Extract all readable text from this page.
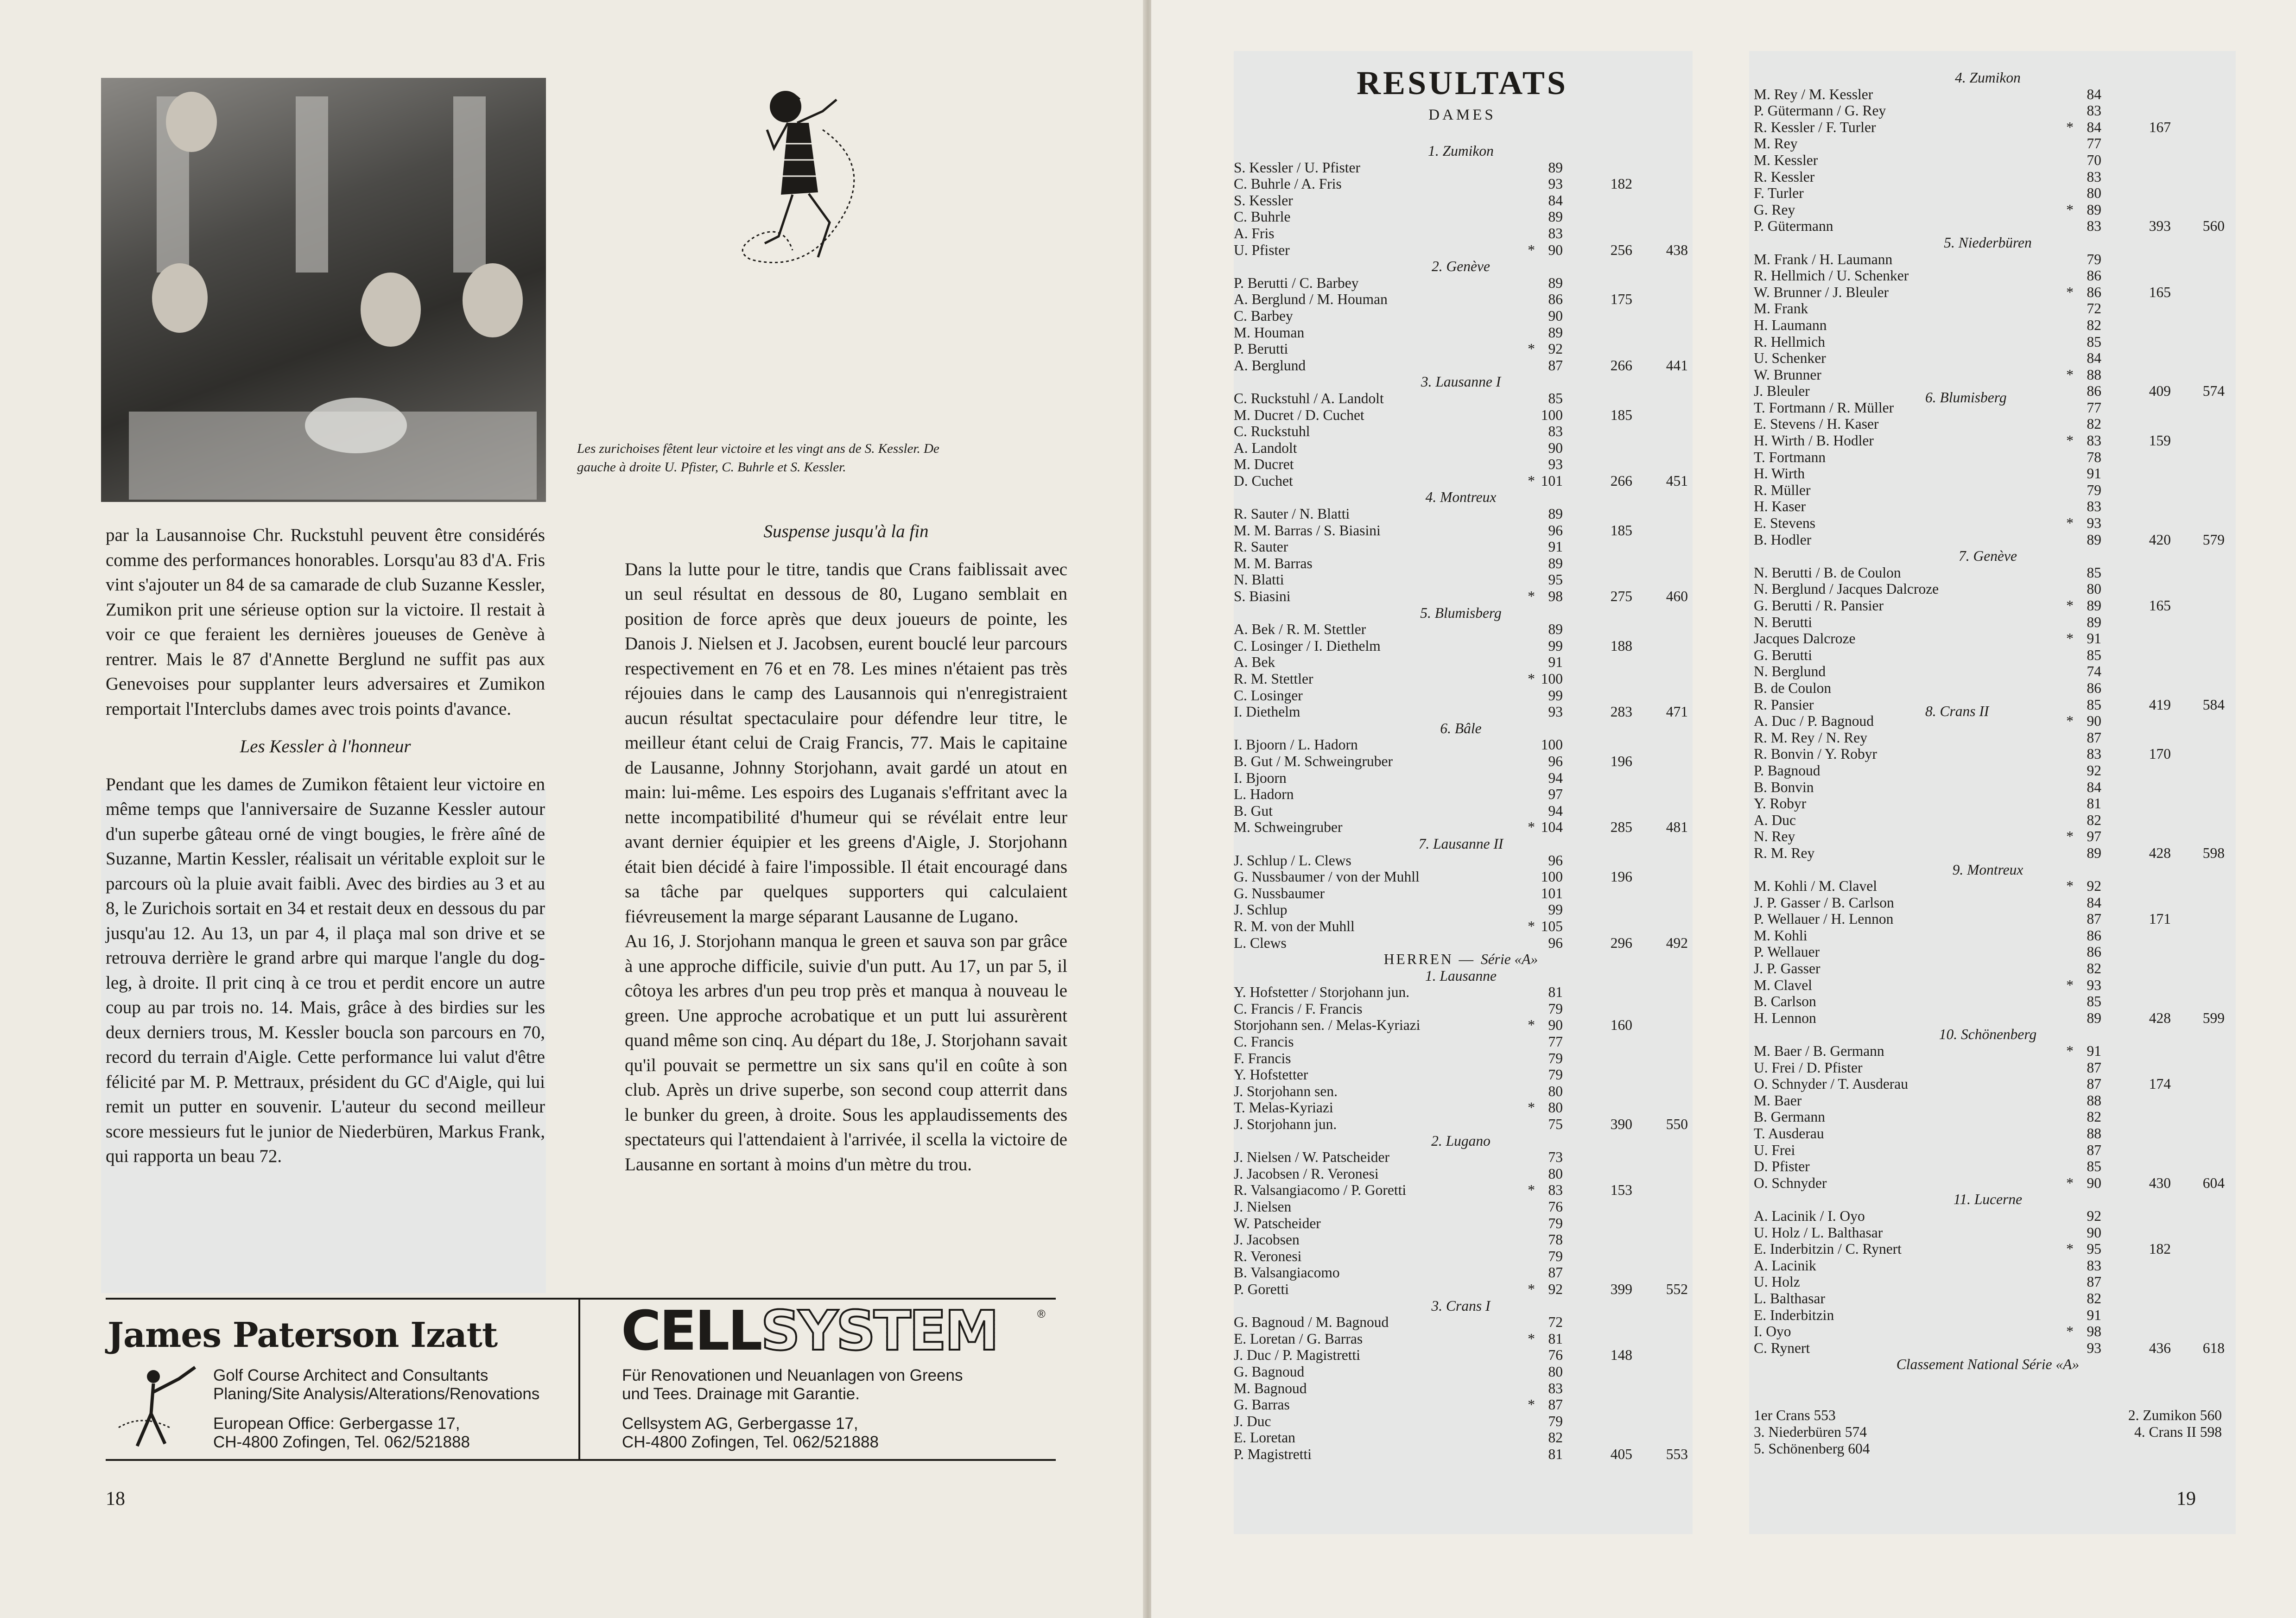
Les zurichoises fêtent leur victoire et les vingt ans de S. Kessler. De gauche à droite U. Pfister, C. Buhrle et S. Kessler.

par la Lausannoise Chr. Ruckstuhl peuvent être considérés comme des performances honorables. Lorsqu'au 83 d'A. Fris vint s'ajouter un 84 de sa camarade de club Suzanne Kessler, Zumikon prit une sérieuse option sur la victoire. Il restait à voir ce que feraient les dernières joueuses de Genève à rentrer. Mais le 87 d'Annette Berglund ne suffit pas aux Genevoises pour supplanter leurs adversaires et Zumikon remportait l'Interclubs dames avec trois points d'avance.

Les Kessler à l'honneur

Pendant que les dames de Zumikon fêtaient leur victoire en même temps que l'anniversaire de Suzanne Kessler autour d'un superbe gâteau orné de vingt bougies, le frère aîné de Suzanne, Martin Kessler, réalisait un véritable exploit sur le parcours où la pluie avait faibli. Avec des birdies au 3 et au 8, le Zurichois sortait en 34 et restait deux en dessous du par jusqu'au 12. Au 13, un par 4, il plaça mal son drive et se retrouva derrière le grand arbre qui marque l'angle du dog-leg, à droite. Il prit cinq à ce trou et perdit encore un autre coup au par trois no. 14. Mais, grâce à des birdies sur les deux derniers trous, M. Kessler boucla son parcours en 70, record du terrain d'Aigle. Cette performance lui valut d'être félicité par M. P. Mettraux, président du GC d'Aigle, qui lui remit un putter en souvenir. L'auteur du second meilleur score messieurs fut le junior de Niederbüren, Markus Frank, qui rapporta un beau 72.

Suspense jusqu'à la fin

Dans la lutte pour le titre, tandis que Crans faiblissait avec un seul résultat en dessous de 80, Lugano semblait en position de force après que deux joueurs de pointe, les Danois J. Nielsen et J. Jacobsen, eurent bouclé leur parcours respectivement en 76 et en 78. Les mines n'étaient pas très réjouies dans le camp des Lausannois qui n'enregistraient aucun résultat spectaculaire pour défendre leur titre, le meilleur étant celui de Craig Francis, 77. Mais le capitaine de Lausanne, Johnny Storjohann, avait gardé un atout en main: lui-même. Les espoirs des Luganais s'effritant avec la nette incompatibilité d'humeur qui se révélait entre leur avant dernier équipier et les greens d'Aigle, J. Storjohann était bien décidé à faire l'impossible. Il était encouragé dans sa tâche par quelques supporters qui calculaient fiévreusement la marge séparant Lausanne de Lugano.

Au 16, J. Storjohann manqua le green et sauva son par grâce à une approche difficile, suivie d'un putt. Au 17, un par 5, il côtoya les arbres d'un peu trop près et manqua à nouveau le green. Une approche acrobatique et un putt lui assurèrent quand même son cinq. Au départ du 18e, J. Storjohann savait qu'il pouvait se permettre un six sans qu'il en coûte à son club. Après un drive superbe, son second coup atterrit dans le bunker du green, à droite. Sous les applaudissements des spectateurs qui l'attendaient à l'arrivée, il scella la victoire de Lausanne en sortant à moins d'un mètre du trou.

James Paterson Izatt
Golf Course Architect and Consultants
Planing/Site Analysis/Alterations/Renovations
European Office: Gerbergasse 17,
CH-4800 Zofingen, Tel. 062/521888
CELLSYSTEM	®
Für Renovationen und Neuanlagen von Greens
und Tees. Drainage mit Garantie.
Cellsystem AG, Gerbergasse 17,
CH-4800 Zofingen, Tel. 062/521888
18
RESULTATS
DAMES
1. Zumikon
S. Kessler / U. Pfister	89
C. Buhrle / A. Fris	93	182
S. Kessler	84
C. Buhrle	89
A. Fris	83
U. Pfister	* 90	256	438
2. Genève
P. Berutti / C. Barbey	89
A. Berglund / M. Houman	86	175
C. Barbey	90
M. Houman	89
P. Berutti	* 92
A. Berglund	87	266	441
3. Lausanne I
C. Ruckstuhl / A. Landolt	85
M. Ducret / D. Cuchet	100	185
C. Ruckstuhl	83
A. Landolt	90
M. Ducret	93
D. Cuchet	* 101	266	451
4. Montreux
R. Sauter / N. Blatti	89
M. M. Barras / S. Biasini	96	185
R. Sauter	91
M. M. Barras	89
N. Blatti	95
S. Biasini	* 98	275	460
5. Blumisberg
A. Bek / R. M. Stettler	89
C. Losinger / I. Diethelm	99	188
A. Bek	91
R. M. Stettler	* 100
C. Losinger	99
I. Diethelm	93	283	471
6. Bâle
I. Bjoorn / L. Hadorn	100
B. Gut / M. Schweingruber	96	196
I. Bjoorn	94
L. Hadorn	97
B. Gut	94
M. Schweingruber	* 104	285	481
7. Lausanne II
J. Schlup / L. Clews	96
G. Nussbaumer / von der Muhll	100	196
G. Nussbaumer	101
J. Schlup	99
R. M. von der Muhll	* 105
L. Clews	96	296	492
HERREN — Série «A»
1. Lausanne
Y. Hofstetter / Storjohann jun.	81
C. Francis / F. Francis	79
Storjohann sen. / Melas-Kyriazi	* 90	160
C. Francis	77
F. Francis	79
Y. Hofstetter	79
J. Storjohann sen.	80
T. Melas-Kyriazi	* 80
J. Storjohann jun.	75	390	550
2. Lugano
J. Nielsen / W. Patscheider	73
J. Jacobsen / R. Veronesi	80
R. Valsangiacomo / P. Goretti	* 83	153
J. Nielsen	76
W. Patscheider	79
J. Jacobsen	78
R. Veronesi	79
B. Valsangiacomo	87
P. Goretti	* 92	399	552
3. Crans I
G. Bagnoud / M. Bagnoud	72
E. Loretan / G. Barras	* 81
J. Duc / P. Magistretti	76	148
G. Bagnoud	80
M. Bagnoud	83
G. Barras	* 87
J. Duc	79
E. Loretan	82
P. Magistretti	81	405	553
4. Zumikon
M. Rey / M. Kessler	84
P. Gütermann / G. Rey	83
R. Kessler / F. Turler	* 84	167
M. Rey	77
M. Kessler	70
R. Kessler	83
F. Turler	80
G. Rey	* 89
P. Gütermann	83	393	560
5. Niederbüren
M. Frank / H. Laumann	79
R. Hellmich / U. Schenker	86
W. Brunner / J. Bleuler	* 86	165
M. Frank	72
H. Laumann	82
R. Hellmich	85
U. Schenker	84
W. Brunner	* 88
J. Bleuler	86	409	574
6. Blumisberg
T. Fortmann / R. Müller	77
E. Stevens / H. Kaser	82
H. Wirth / B. Hodler	* 83	159
T. Fortmann	78
H. Wirth	91
R. Müller	79
H. Kaser	83
E. Stevens	* 93
B. Hodler	89	420	579
7. Genève
N. Berutti / B. de Coulon	85
N. Berglund / Jacques Dalcroze	80
G. Berutti / R. Pansier	* 89	165
N. Berutti	89
Jacques Dalcroze	* 91
G. Berutti	85
N. Berglund	74
B. de Coulon	86
R. Pansier	85	419	584
8. Crans II
A. Duc / P. Bagnoud	* 90
R. M. Rey / N. Rey	87
R. Bonvin / Y. Robyr	83	170
P. Bagnoud	92
B. Bonvin	84
Y. Robyr	81
A. Duc	82
N. Rey	* 97
R. M. Rey	89	428	598
9. Montreux
M. Kohli / M. Clavel	* 92
J. P. Gasser / B. Carlson	84
P. Wellauer / H. Lennon	87	171
M. Kohli	86
P. Wellauer	86
J. P. Gasser	82
M. Clavel	* 93
B. Carlson	85
H. Lennon	89	428	599
10. Schönenberg
M. Baer / B. Germann	* 91
U. Frei / D. Pfister	87
O. Schnyder / T. Ausderau	87	174
M. Baer	88
B. Germann	82
T. Ausderau	88
U. Frei	87
D. Pfister	85
O. Schnyder	* 90	430	604
11. Lucerne
A. Lacinik / I. Oyo	92
U. Holz / L. Balthasar	90
E. Inderbitzin / C. Rynert	* 95	182
A. Lacinik	83
U. Holz	87
L. Balthasar	82
E. Inderbitzin	91
I. Oyo	* 98
C. Rynert	93	436	618
Classement National Série «A»
1er Crans 553	2. Zumikon 560
3. Niederbüren 574	4. Crans II 598
5. Schönenberg 604
19
